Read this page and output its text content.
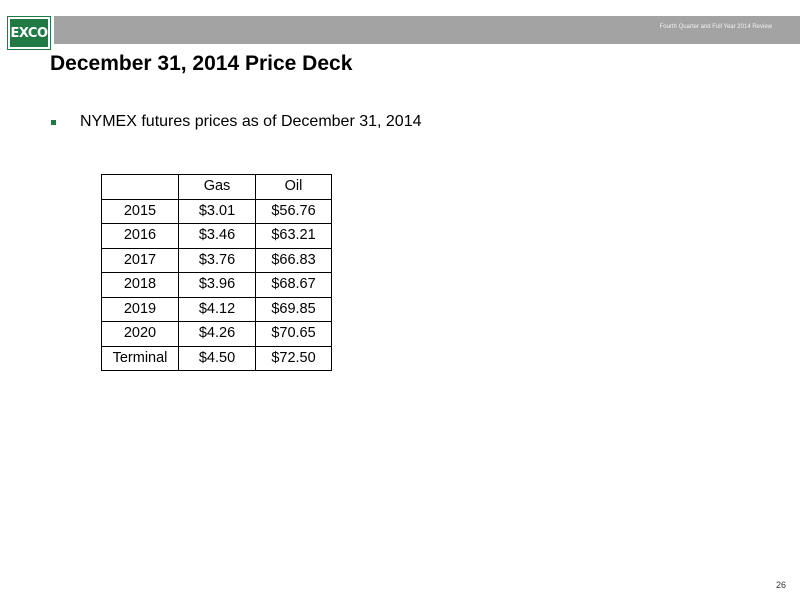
EXCO	Fourth Quarter and Full Year 2014 Review
December 31, 2014 Price Deck
NYMEX futures prices as of December 31, 2014
	Gas	Oil
2015	$3.01	$56.76
2016	$3.46	$63.21
2017	$3.76	$66.83
2018	$3.96	$68.67
2019	$4.12	$69.85
2020	$4.26	$70.65
Terminal	$4.50	$72.50
26
